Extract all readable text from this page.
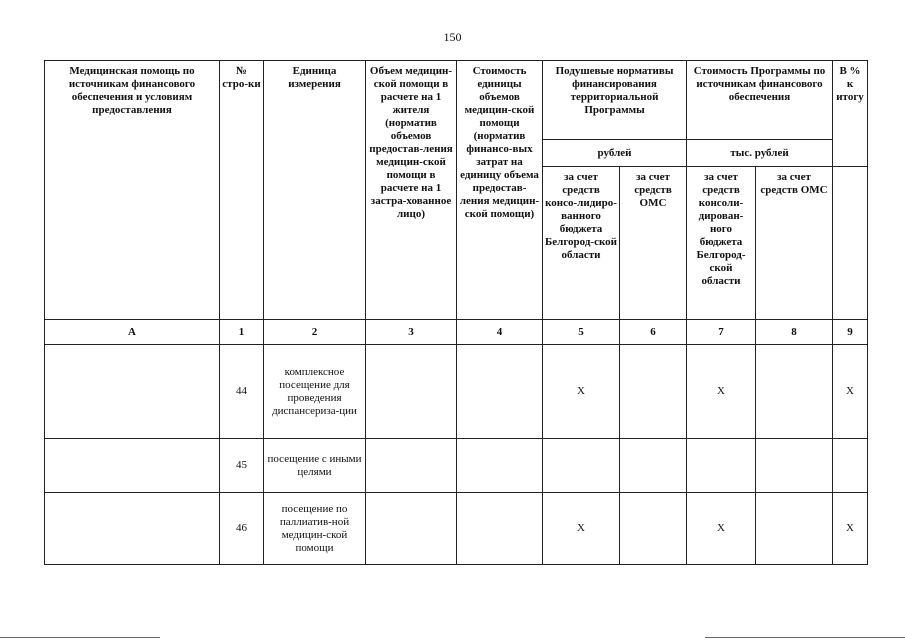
150
Медицинская помощь по источникам финансового обеспечения и условиям предоставления	№ стро-ки	Единица измерения	Объем медицин-ской помощи в расчете на 1 жителя (норматив объемов предостав-ления медицин-ской помощи в расчете на 1 застра-хованное лицо)	Стоимость единицы объемов медицин-ской помощи (норматив финансо-вых затрат на единицу объема предостав-ления медицин-ской помощи)	Подушевые нормативы финансирования территориальной Программы		Стоимость Программы по источникам финансового обеспечения		В % к итогу
					рублей		тыс. рублей		
					за счет средств консо-лидиро-ванного бюджета Белгород-ской области	за счет средств ОМС	за счет средств консоли-дирован-ного бюджета Белгород-ской области	за счет средств ОМС	
А	1	2	3	4	5	6	7	8	9
	44	комплексное посещение для проведения диспансериза-ции			Х		Х		Х
	45	посещение с иными целями							
	46	посещение по паллиатив-ной медицин-ской помощи			Х		Х		Х
